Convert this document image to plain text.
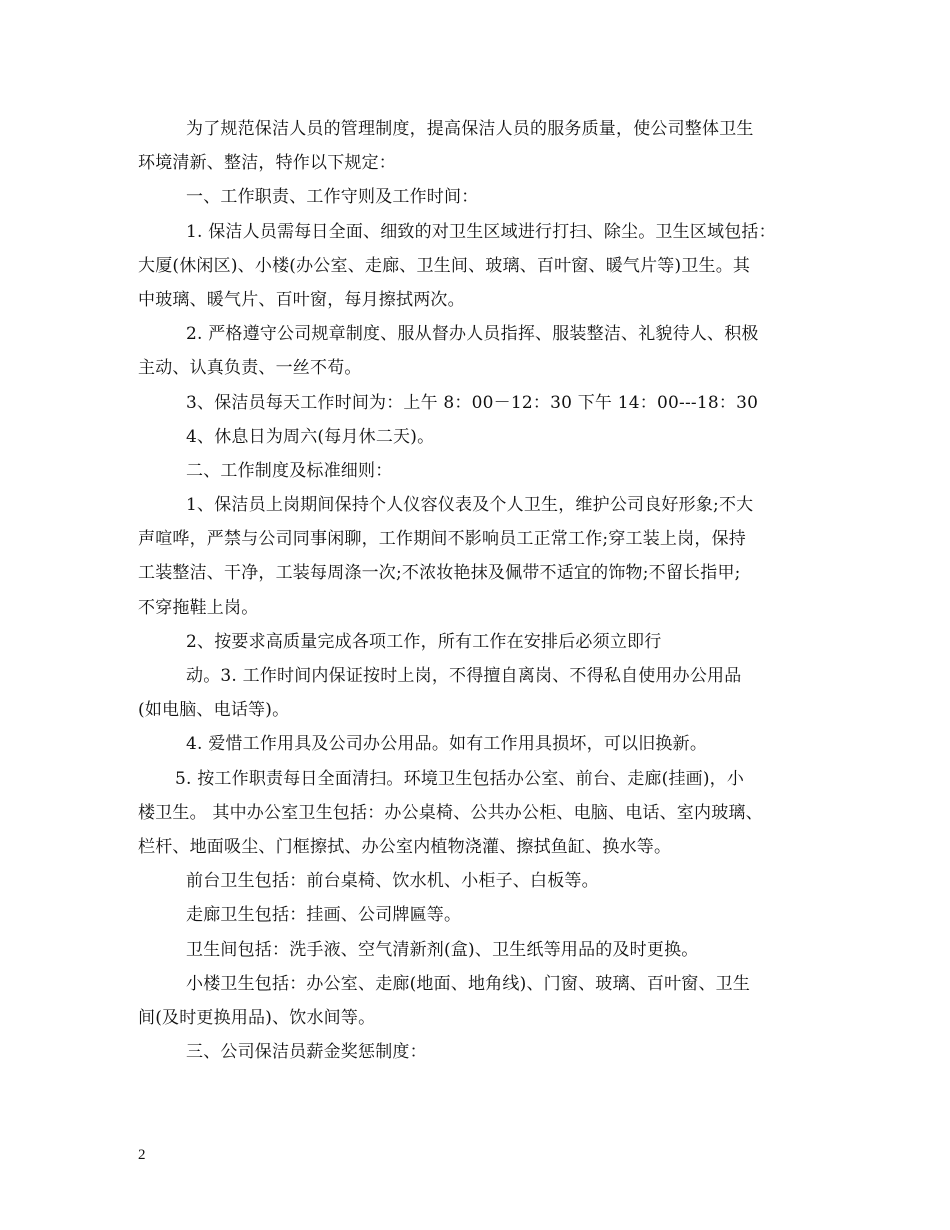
为了规范保洁人员的管理制度，提高保洁人员的服务质量，使公司整体卫生
环境清新、整洁，特作以下规定：
一、工作职责、工作守则及工作时间：
1. 保洁人员需每日全面、细致的对卫生区域进行打扫、除尘。卫生区域包括：
大厦(休闲区)、小楼(办公室、走廊、卫生间、玻璃、百叶窗、暖气片等)卫生。其
中玻璃、暖气片、百叶窗，每月擦拭两次。
2. 严格遵守公司规章制度、服从督办人员指挥、服装整洁、礼貌待人、积极
主动、认真负责、一丝不苟。
3、保洁员每天工作时间为：上午 8：00－12：30 下午 14：00---18：30
4、休息日为周六(每月休二天)。
二、工作制度及标准细则：
1、保洁员上岗期间保持个人仪容仪表及个人卫生，维护公司良好形象;不大
声喧哗，严禁与公司同事闲聊，工作期间不影响员工正常工作;穿工装上岗，保持
工装整洁、干净，工装每周涤一次;不浓妆艳抹及佩带不适宜的饰物;不留长指甲;
不穿拖鞋上岗。
2、按要求高质量完成各项工作，所有工作在安排后必须立即行
动。3. 工作时间内保证按时上岗，不得擅自离岗、不得私自使用办公用品
(如电脑、电话等)。
4. 爱惜工作用具及公司办公用品。如有工作用具损坏，可以旧换新。
5. 按工作职责每日全面清扫。环境卫生包括办公室、前台、走廊(挂画)，小
楼卫生。 其中办公室卫生包括：办公桌椅、公共办公柜、电脑、电话、室内玻璃、
栏杆、地面吸尘、门框擦拭、办公室内植物浇灌、擦拭鱼缸、换水等。
前台卫生包括：前台桌椅、饮水机、小柜子、白板等。
走廊卫生包括：挂画、公司牌匾等。
卫生间包括：洗手液、空气清新剂(盒)、卫生纸等用品的及时更换。
小楼卫生包括：办公室、走廊(地面、地角线)、门窗、玻璃、百叶窗、卫生
间(及时更换用品)、饮水间等。
三、公司保洁员薪金奖惩制度：
2
